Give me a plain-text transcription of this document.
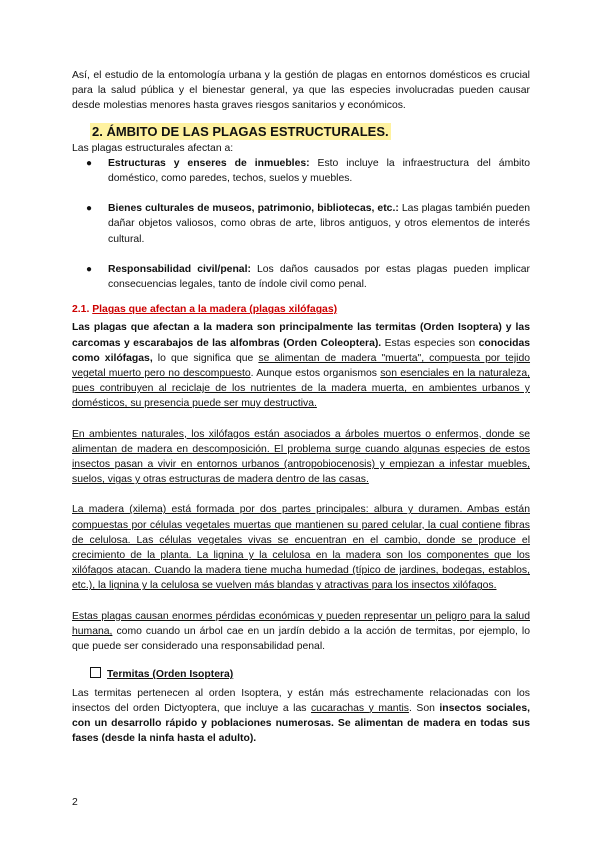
Así, el estudio de la entomología urbana y la gestión de plagas en entornos domésticos es crucial para la salud pública y el bienestar general, ya que las especies involucradas pueden causar desde molestias menores hasta graves riesgos sanitarios y económicos.

2. ÁMBITO DE LAS PLAGAS ESTRUCTURALES.

Las plagas estructurales afectan a:

● Estructuras y enseres de inmuebles: Esto incluye la infraestructura del ámbito doméstico, como paredes, techos, suelos y muebles.
● Bienes culturales de museos, patrimonio, bibliotecas, etc.: Las plagas también pueden dañar objetos valiosos, como obras de arte, libros antiguos, y otros elementos de interés cultural.
● Responsabilidad civil/penal: Los daños causados por estas plagas pueden implicar consecuencias legales, tanto de índole civil como penal.

2.1. Plagas que afectan a la madera (plagas xilófagas)

Las plagas que afectan a la madera son principalmente las termitas (Orden Isoptera) y las carcomas y escarabajos de las alfombras (Orden Coleoptera). Estas especies son conocidas como xilófagas, lo que significa que se alimentan de madera "muerta", compuesta por tejido vegetal muerto pero no descompuesto. Aunque estos organismos son esenciales en la naturaleza, pues contribuyen al reciclaje de los nutrientes de la madera muerta, en ambientes urbanos y domésticos, su presencia puede ser muy destructiva.

En ambientes naturales, los xilófagos están asociados a árboles muertos o enfermos, donde se alimentan de madera en descomposición. El problema surge cuando algunas especies de estos insectos pasan a vivir en entornos urbanos (antropobiocenosis) y empiezan a infestar muebles, suelos, vigas y otras estructuras de madera dentro de las casas.

La madera (xilema) está formada por dos partes principales: albura y duramen. Ambas están compuestas por células vegetales muertas que mantienen su pared celular, la cual contiene fibras de celulosa. Las células vegetales vivas se encuentran en el cambio, donde se produce el crecimiento de la planta. La lignina y la celulosa en la madera son los componentes que los xilófagos atacan. Cuando la madera tiene mucha humedad (típico de jardines, bodegas, establos, etc.), la lignina y la celulosa se vuelven más blandas y atractivas para los insectos xilófagos.

Estas plagas causan enormes pérdidas económicas y pueden representar un peligro para la salud humana, como cuando un árbol cae en un jardín debido a la acción de termitas, por ejemplo, lo que puede ser considerado una responsabilidad penal.

Termitas (Orden Isoptera)

Las termitas pertenecen al orden Isoptera, y están más estrechamente relacionadas con los insectos del orden Dictyoptera, que incluye a las cucarachas y mantis. Son insectos sociales, con un desarrollo rápido y poblaciones numerosas. Se alimentan de madera en todas sus fases (desde la ninfa hasta el adulto).

2
